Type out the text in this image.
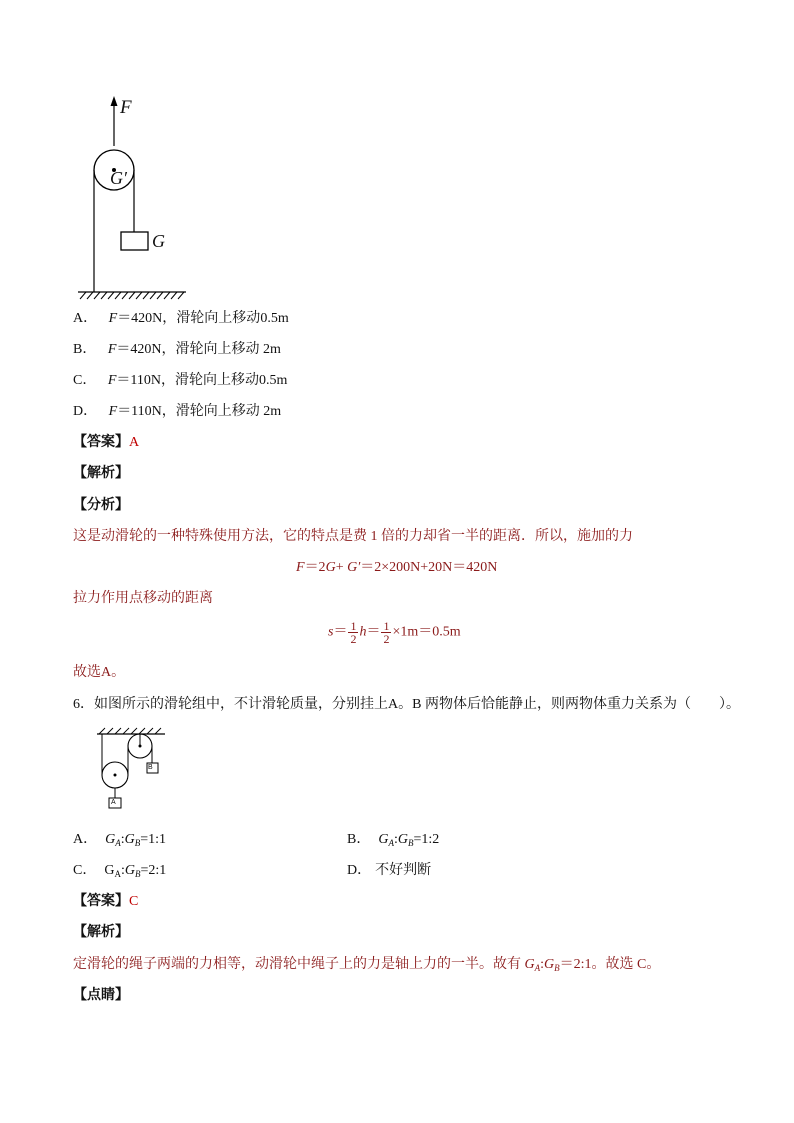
F
G′
G
A． F＝420N，滑轮向上移动0.5m
B． F＝420N，滑轮向上移动 2m
C． F＝110N，滑轮向上移动0.5m
D． F＝110N，滑轮向上移动 2m
【答案】A
【解析】
【分析】
这是动滑轮的一种特殊使用方法，它的特点是费 1 倍的力却省一半的距离．所以，施加的力
F＝2G+ G′＝2×200N+20N＝420N
拉力作用点移动的距离
$s= \frac{1}{2} h= \frac{1}{2} \times 1m=0.5m$
故选A。
6．如图所示的滑轮组中，不计滑轮质量，分别挂上A。B 两物体后恰能静止，则两物体重力关系为（　　）。
B
A
A． $G_A:G_B=1:1$	B． $G_A:G_B=1:2$
C． $G_A:G_B=2:1$	D． 不好判断
【答案】C
【解析】
定滑轮的绳子两端的力相等，动滑轮中绳子上的力是轴上力的一半。故有 $G_A:G_B=2:1$。故选 C。
【点睛】
